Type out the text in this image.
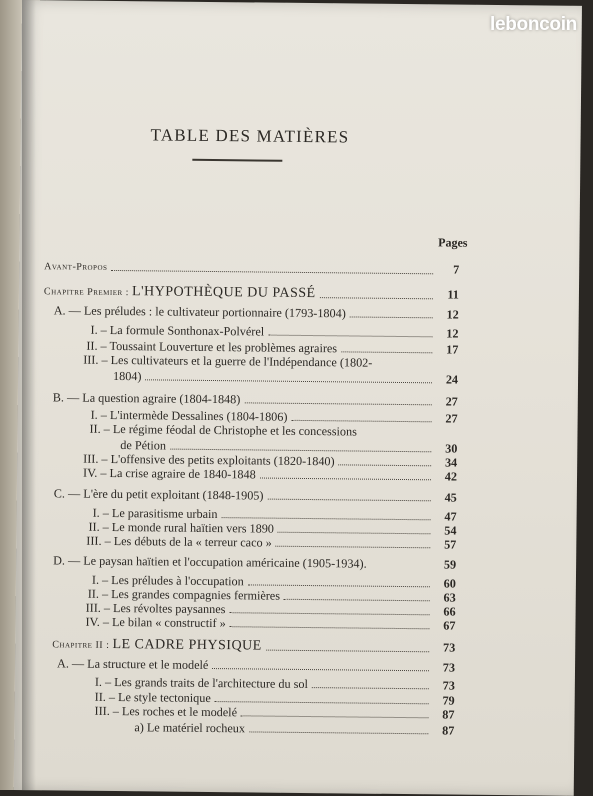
TABLE DES MATIÈRES
Pages
Avant-Propos	7
Chapitre Premier : L'HYPOTHÈQUE DU PASSÉ	11
A. — Les préludes : le cultivateur portionnaire (1793-1804)	12
I. – La formule Sonthonax-Polvérel	12
II. – Toussaint Louverture et les problèmes agraires	17
III. – Les cultivateurs et la guerre de l'Indépendance (1802-
1804)	24
B. — La question agraire (1804-1848)	27
I. – L'intermède Dessalines (1804-1806)	27
II. – Le régime féodal de Christophe et les concessions
de Pétion	30
III. – L'offensive des petits exploitants (1820-1840)	34
IV. – La crise agraire de 1840-1848	42
C. — L'ère du petit exploitant (1848-1905)	45
I. – Le parasitisme urbain	47
II. – Le monde rural haïtien vers 1890	54
III. – Les débuts de la « terreur caco »	57
D. — Le paysan haïtien et l'occupation américaine (1905-1934).	59
I. – Les préludes à l'occupation	60
II. – Les grandes compagnies fermières	63
III. – Les révoltes paysannes	66
IV. – Le bilan « constructif »	67
Chapitre II : LE CADRE PHYSIQUE	73
A. — La structure et le modelé	73
I. – Les grands traits de l'architecture du sol	73
II. – Le style tectonique	79
III. – Les roches et le modelé	87
a) Le matériel rocheux	87
leboncoin
